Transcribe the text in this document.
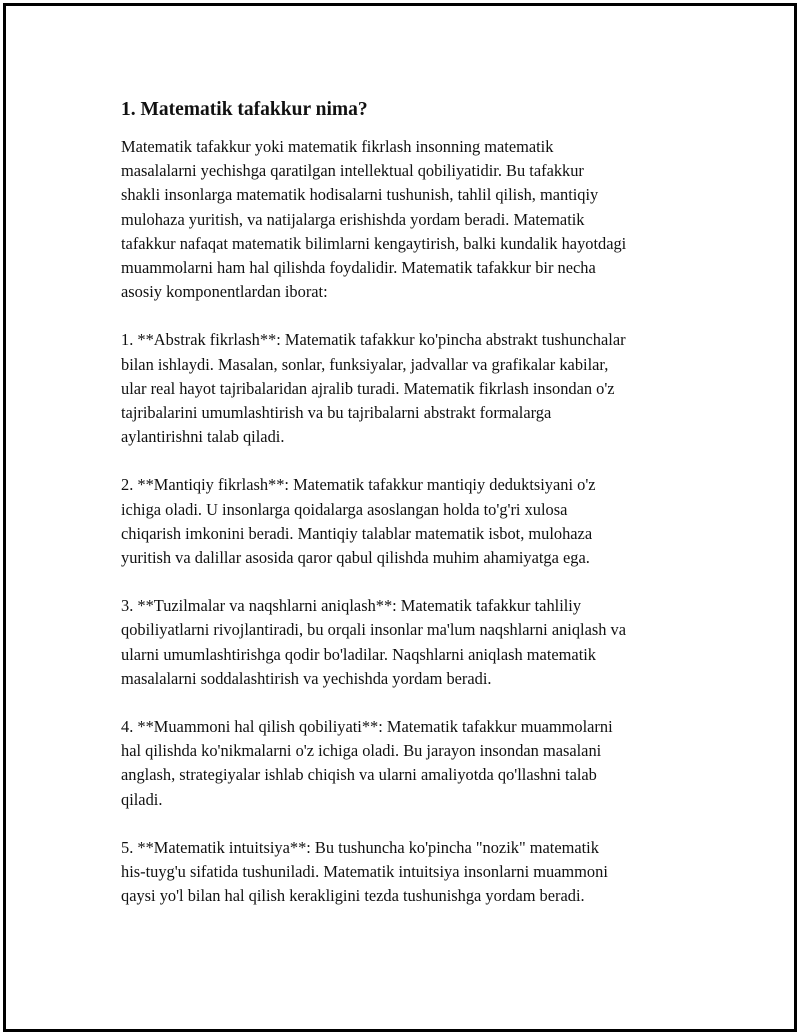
1. Matematik tafakkur nima?

Matematik tafakkur yoki matematik fikrlash insonning matematik
masalalarni yechishga qaratilgan intellektual qobiliyatidir. Bu tafakkur
shakli insonlarga matematik hodisalarni tushunish, tahlil qilish, mantiqiy
mulohaza yuritish, va natijalarga erishishda yordam beradi. Matematik
tafakkur nafaqat matematik bilimlarni kengaytirish, balki kundalik hayotdagi
muammolarni ham hal qilishda foydalidir. Matematik tafakkur bir necha
asosiy komponentlardan iborat:

1. **Abstrak fikrlash**: Matematik tafakkur ko'pincha abstrakt tushunchalar
bilan ishlaydi. Masalan, sonlar, funksiyalar, jadvallar va grafikalar kabilar,
ular real hayot tajribalaridan ajralib turadi. Matematik fikrlash insondan o'z
tajribalarini umumlashtirish va bu tajribalarni abstrakt formalarga
aylantirishni talab qiladi.

2. **Mantiqiy fikrlash**: Matematik tafakkur mantiqiy deduktsiyani o'z
ichiga oladi. U insonlarga qoidalarga asoslangan holda to'g'ri xulosa
chiqarish imkonini beradi. Mantiqiy talablar matematik isbot, mulohaza
yuritish va dalillar asosida qaror qabul qilishda muhim ahamiyatga ega.

3. **Tuzilmalar va naqshlarni aniqlash**: Matematik tafakkur tahliliy
qobiliyatlarni rivojlantiradi, bu orqali insonlar ma'lum naqshlarni aniqlash va
ularni umumlashtirishga qodir bo'ladilar. Naqshlarni aniqlash matematik
masalalarni soddalashtirish va yechishda yordam beradi.

4. **Muammoni hal qilish qobiliyati**: Matematik tafakkur muammolarni
hal qilishda ko'nikmalarni o'z ichiga oladi. Bu jarayon insondan masalani
anglash, strategiyalar ishlab chiqish va ularni amaliyotda qo'llashni talab
qiladi.

5. **Matematik intuitsiya**: Bu tushuncha ko'pincha "nozik" matematik
his-tuyg'u sifatida tushuniladi. Matematik intuitsiya insonlarni muammoni
qaysi yo'l bilan hal qilish kerakligini tezda tushunishga yordam beradi.
